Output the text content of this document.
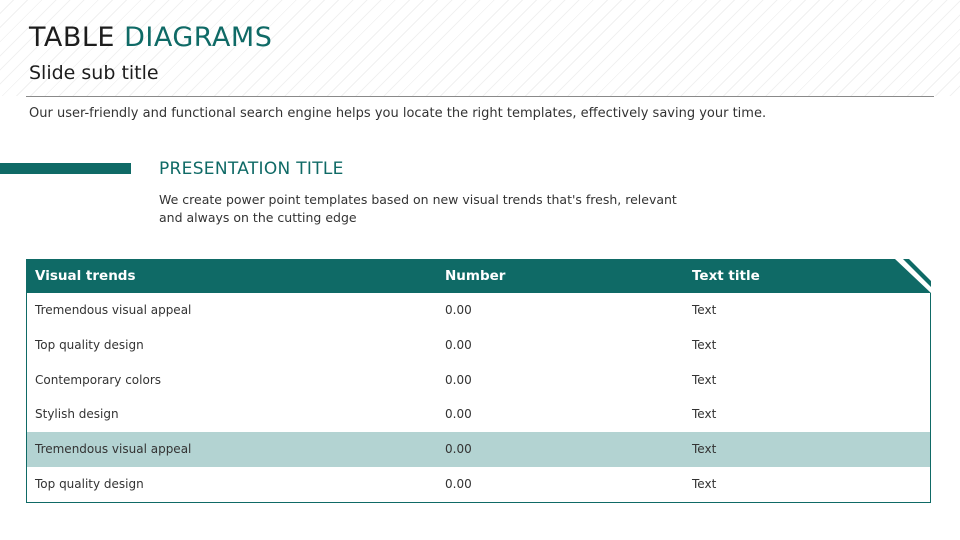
TABLE DIAGRAMS
Slide sub title

Our user-friendly and functional search engine helps you locate the right templates, effectively saving your time.

PRESENTATION TITLE

We create power point templates based on new visual trends that's fresh, relevant and always on the cutting edge

Visual trends	Number	Text title
Tremendous visual appeal	0.00	Text
Top quality design	0.00	Text
Contemporary colors	0.00	Text
Stylish design	0.00	Text
Tremendous visual appeal	0.00	Text
Top quality design	0.00	Text
